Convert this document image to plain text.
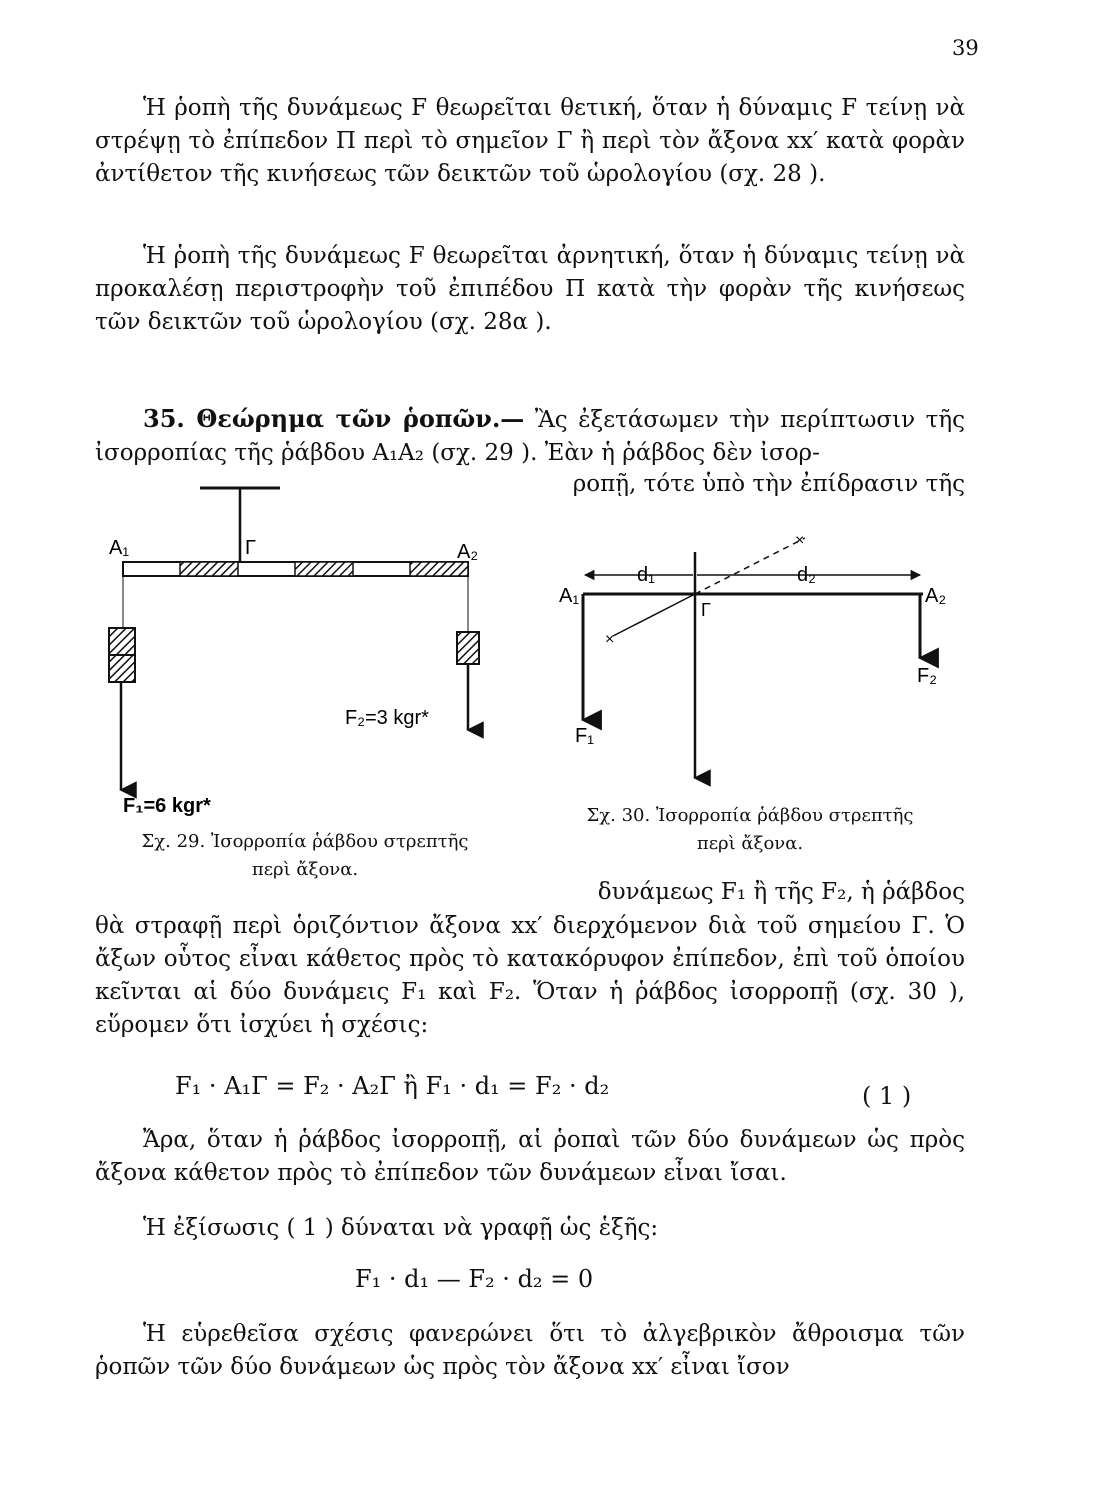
39

Ἡ ῥοπὴ τῆς δυνάμεως F θεωρεῖται θετική, ὅταν ἡ δύναμις F τείνῃ νὰ στρέψῃ τὸ ἐπίπεδον Π περὶ τὸ σημεῖον Γ ἢ περὶ τὸν ἄξονα xx′ κατὰ φορὰν ἀντίθετον τῆς κινήσεως τῶν δεικτῶν τοῦ ὡρολογίου (σχ. 28 ).

Ἡ ῥοπὴ τῆς δυνάμεως F θεωρεῖται ἀρνητική, ὅταν ἡ δύναμις τείνῃ νὰ προκαλέσῃ περιστροφὴν τοῦ ἐπιπέδου Π κατὰ τὴν φορὰν τῆς κινήσεως τῶν δεικτῶν τοῦ ὡρολογίου (σχ. 28α ).

35. Θεώρημα τῶν ῥοπῶν.— Ἂς ἐξετάσωμεν τὴν περίπτωσιν τῆς ἰσορροπίας τῆς ῥάβδου A₁A₂ (σχ. 29 ). Ἐὰν ἡ ῥάβδος δὲν ἰσορ-

ροπῇ, τότε ὑπὸ τὴν ἐπίδρασιν τῆς

A₁	Γ	A₂
F₂=3 kgr*
F₁=6 kgr*
d₁	d₂
×
×
A₁
Γ
A₂
F₁
F₂

Σχ. 29. Ἰσορροπία ῥάβδου στρεπτῆς
περὶ ἄξονα.

Σχ. 30. Ἰσορροπία ῥάβδου στρεπτῆς
περὶ ἄξονα.

δυνάμεως F₁ ἢ τῆς F₂, ἡ ῥάβδος

θὰ στραφῇ περὶ ὁριζόντιον ἄξονα xx′ διερχόμενον διὰ τοῦ σημείου Γ. Ὁ ἄξων οὗτος εἶναι κάθετος πρὸς τὸ κατακόρυφον ἐπίπεδον, ἐπὶ τοῦ ὁποίου κεῖνται αἱ δύο δυνάμεις F₁ καὶ F₂. Ὅταν ἡ ῥάβδος ἰσορροπῇ (σχ. 30 ), εὕρομεν ὅτι ἰσχύει ἡ σχέσις:

F₁ · A₁Γ = F₂ · A₂Γ ἢ F₁ · d₁ = F₂ · d₂	( 1 )

Ἄρα, ὅταν ἡ ῥάβδος ἰσορροπῇ, αἱ ῥοπαὶ τῶν δύο δυνάμεων ὡς πρὸς ἄξονα κάθετον πρὸς τὸ ἐπίπεδον τῶν δυνάμεων εἶναι ἴσαι.

Ἡ ἐξίσωσις ( 1 ) δύναται νὰ γραφῇ ὡς ἑξῆς:

F₁ · d₁ — F₂ · d₂ = 0

Ἡ εὑρεθεῖσα σχέσις φανερώνει ὅτι τὸ ἀλγεβρικὸν ἄθροισμα τῶν ῥοπῶν τῶν δύο δυνάμεων ὡς πρὸς τὸν ἄξονα xx′ εἶναι ἴσον
